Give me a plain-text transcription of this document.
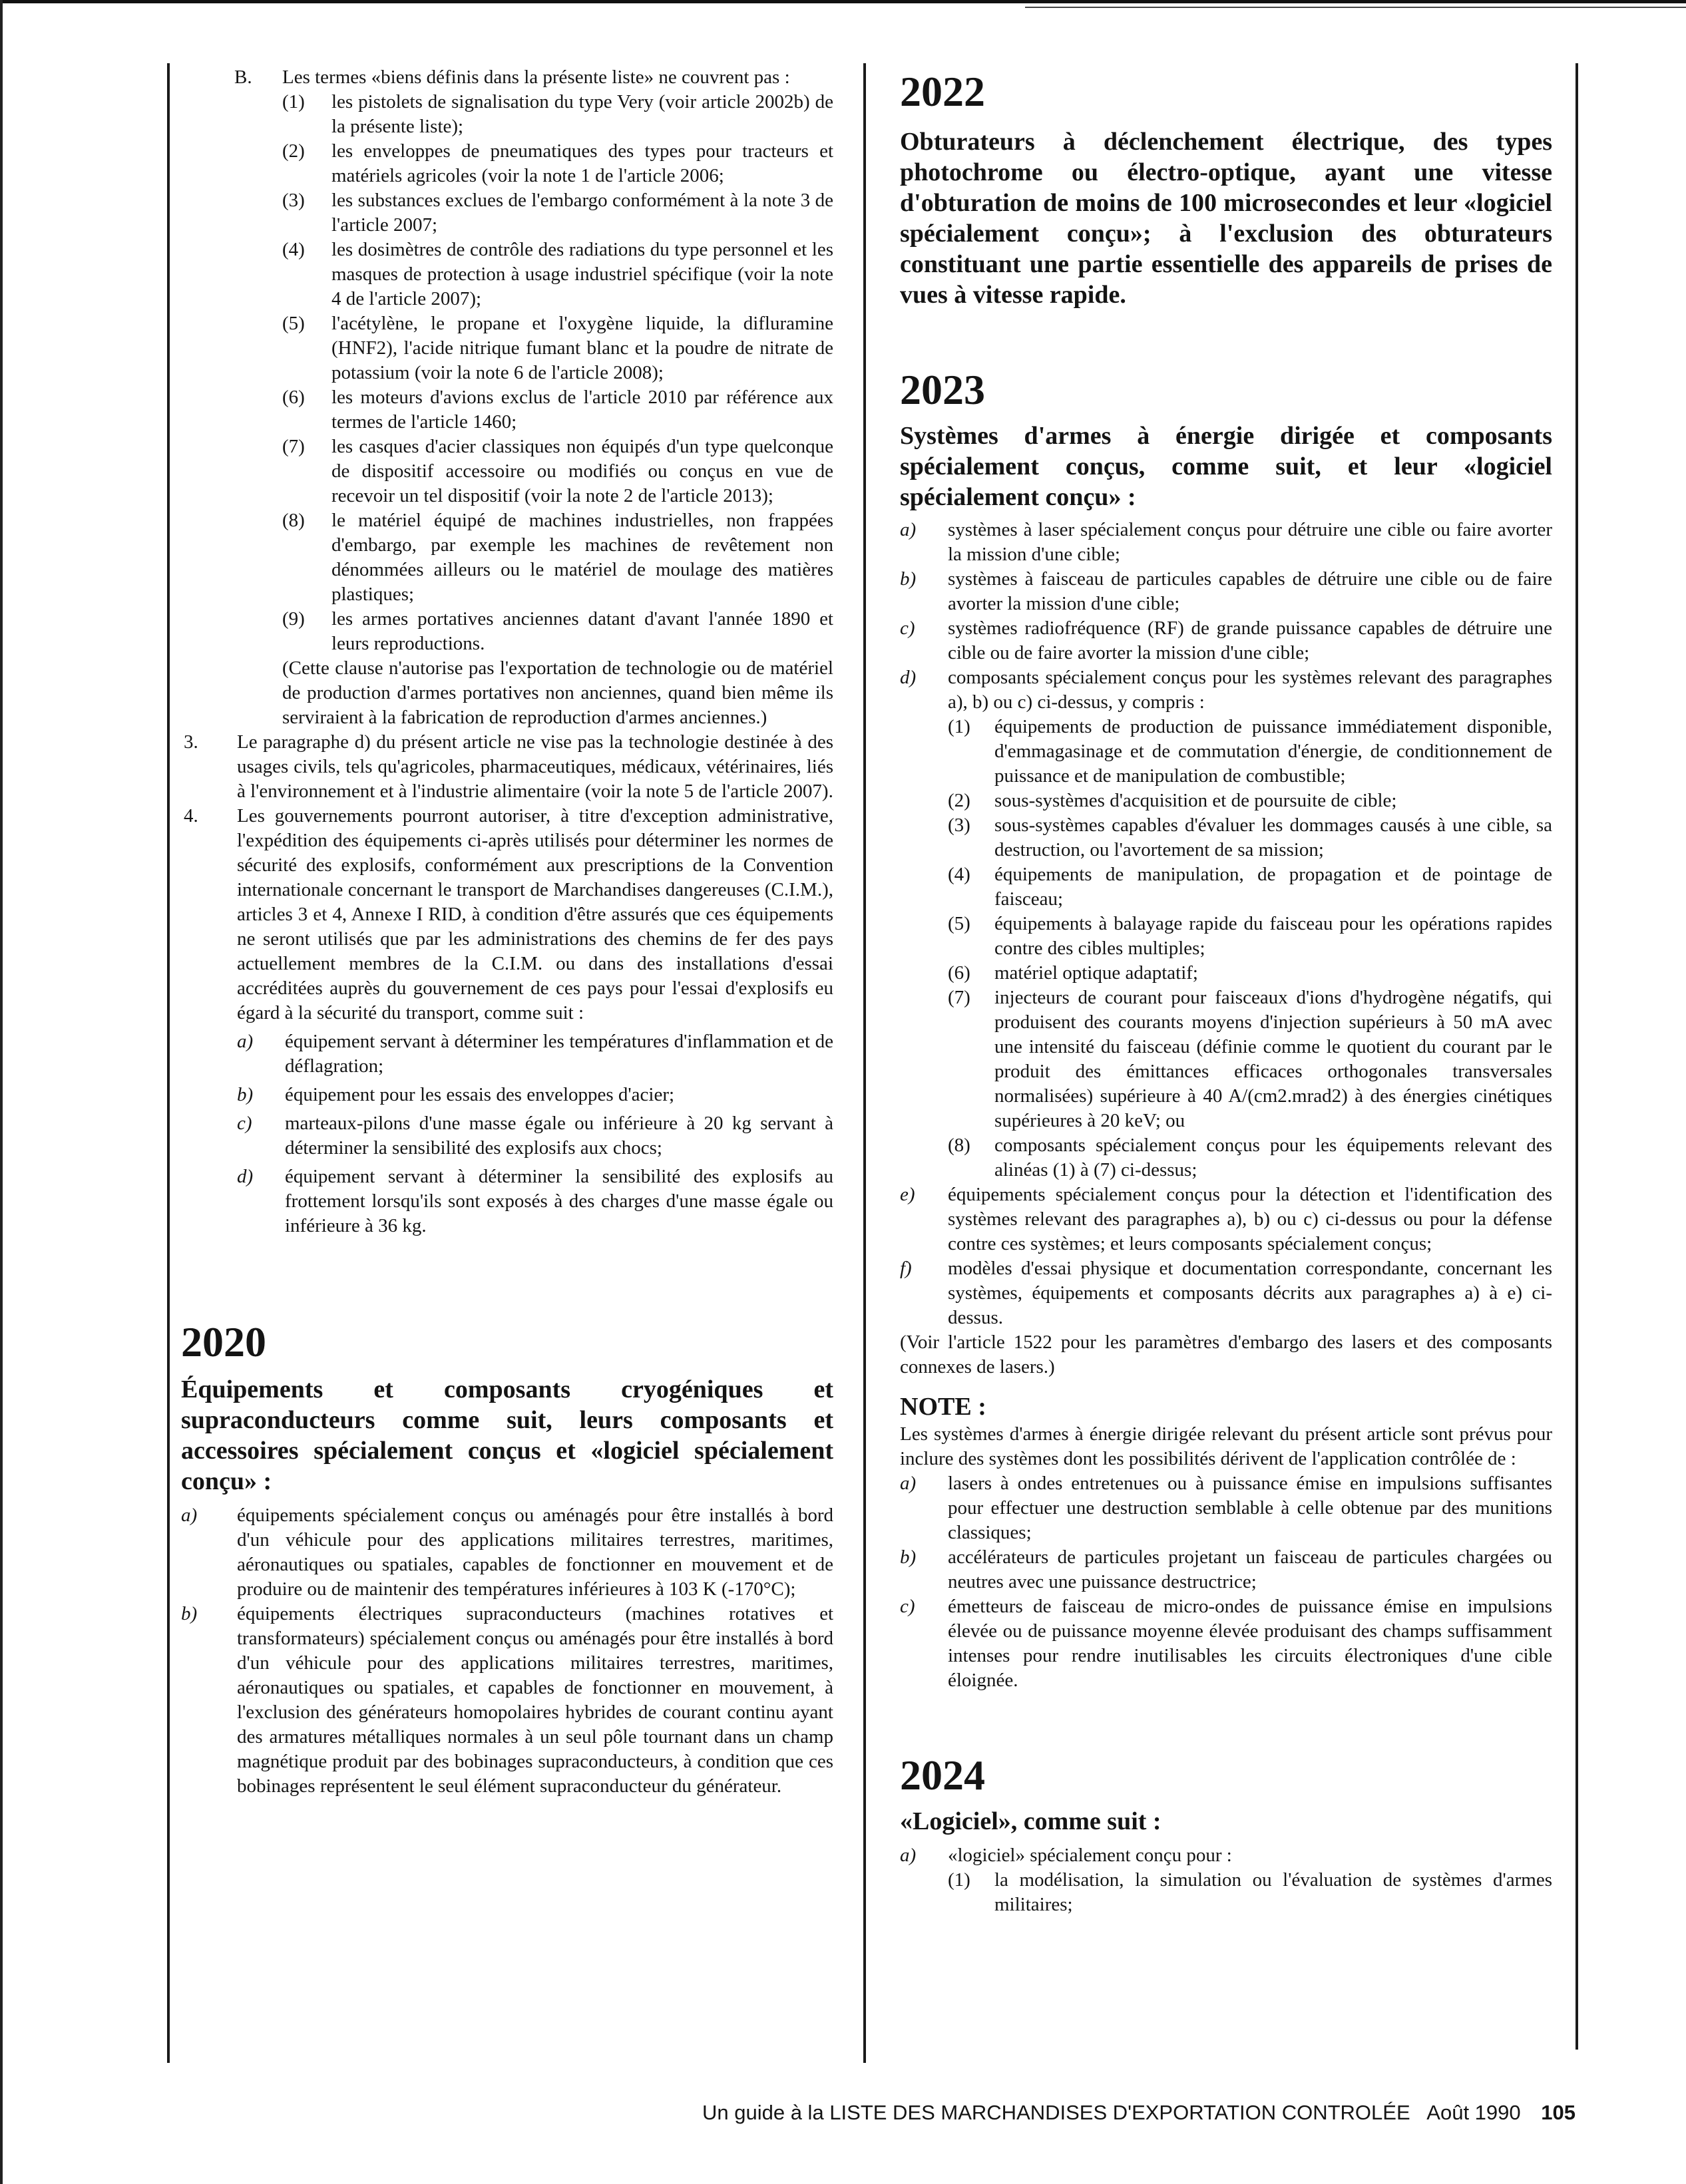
B.	Les termes «biens définis dans la présente liste» ne couvrent pas :
(1)	les pistolets de signalisation du type Very (voir article 2002b) de la présente liste);
(2)	les enveloppes de pneumatiques des types pour tracteurs et matériels agricoles (voir la note 1 de l'article 2006;
(3)	les substances exclues de l'embargo conformément à la note 3 de l'article 2007;
(4)	les dosimètres de contrôle des radiations du type personnel et les masques de protection à usage industriel spécifique (voir la note 4 de l'article 2007);
(5)	l'acétylène, le propane et l'oxygène liquide, la difluramine (HNF2), l'acide nitrique fumant blanc et la poudre de nitrate de potassium (voir la note 6 de l'article 2008);
(6)	les moteurs d'avions exclus de l'article 2010 par référence aux termes de l'article 1460;
(7)	les casques d'acier classiques non équipés d'un type quelconque de dispositif accessoire ou modifiés ou conçus en vue de recevoir un tel dispositif (voir la note 2 de l'article 2013);
(8)	le matériel équipé de machines industrielles, non frappées d'embargo, par exemple les machines de revêtement non dénommées ailleurs ou le matériel de moulage des matières plastiques;
(9)	les armes portatives anciennes datant d'avant l'année 1890 et leurs reproductions.

(Cette clause n'autorise pas l'exportation de technologie ou de matériel de production d'armes portatives non anciennes, quand bien même ils serviraient à la fabrication de reproduction d'armes anciennes.)

3.	Le paragraphe d) du présent article ne vise pas la technologie destinée à des usages civils, tels qu'agricoles, pharmaceutiques, médicaux, vétérinaires, liés à l'environnement et à l'industrie alimentaire (voir la note 5 de l'article 2007).
4.	Les gouvernements pourront autoriser, à titre d'exception administrative, l'expédition des équipements ci-après utilisés pour déterminer les normes de sécurité des explosifs, conformément aux prescriptions de la Convention internationale concernant le transport de Marchandises dangereuses (C.I.M.), articles 3 et 4, Annexe I RID, à condition d'être assurés que ces équipements ne seront utilisés que par les administrations des chemins de fer des pays actuellement membres de la C.I.M. ou dans des installations d'essai accréditées auprès du gouvernement de ces pays pour l'essai d'explosifs eu égard à la sécurité du transport, comme suit :
a)	équipement servant à déterminer les températures d'inflammation et de déflagration;
b)	équipement pour les essais des enveloppes d'acier;
c)	marteaux-pilons d'une masse égale ou inférieure à 20 kg servant à déterminer la sensibilité des explosifs aux chocs;
d)	équipement servant à déterminer la sensibilité des explosifs au frottement lorsqu'ils sont exposés à des charges d'une masse égale ou inférieure à 36 kg.
2020
Équipements et composants cryogéniques et supraconducteurs comme suit, leurs composants et accessoires spécialement conçus et «logiciel spécialement conçu» :
a)	équipements spécialement conçus ou aménagés pour être installés à bord d'un véhicule pour des applications militaires terrestres, maritimes, aéronautiques ou spatiales, capables de fonctionner en mouvement et de produire ou de maintenir des températures inférieures à 103 K (-170°C);
b)	équipements électriques supraconducteurs (machines rotatives et transformateurs) spécialement conçus ou aménagés pour être installés à bord d'un véhicule pour des applications militaires terrestres, maritimes, aéronautiques ou spatiales, et capables de fonctionner en mouvement, à l'exclusion des générateurs homopolaires hybrides de courant continu ayant des armatures métalliques normales à un seul pôle tournant dans un champ magnétique produit par des bobinages supraconducteurs, à condition que ces bobinages représentent le seul élément supraconducteur du générateur.
2022
Obturateurs à déclenchement électrique, des types photochrome ou électro-optique, ayant une vitesse d'obturation de moins de 100 microsecondes et leur «logiciel spécialement conçu»; à l'exclusion des obturateurs constituant une partie essentielle des appareils de prises de vues à vitesse rapide.
2023
Systèmes d'armes à énergie dirigée et composants spécialement conçus, comme suit, et leur «logiciel spécialement conçu» :
a)	systèmes à laser spécialement conçus pour détruire une cible ou faire avorter la mission d'une cible;
b)	systèmes à faisceau de particules capables de détruire une cible ou de faire avorter la mission d'une cible;
c)	systèmes radiofréquence (RF) de grande puissance capables de détruire une cible ou de faire avorter la mission d'une cible;
d)	composants spécialement conçus pour les systèmes relevant des paragraphes a), b) ou c) ci-dessus, y compris :
(1)	équipements de production de puissance immédiatement disponible, d'emmagasinage et de commutation d'énergie, de conditionnement de puissance et de manipulation de combustible;
(2)	sous-systèmes d'acquisition et de poursuite de cible;
(3)	sous-systèmes capables d'évaluer les dommages causés à une cible, sa destruction, ou l'avortement de sa mission;
(4)	équipements de manipulation, de propagation et de pointage de faisceau;
(5)	équipements à balayage rapide du faisceau pour les opérations rapides contre des cibles multiples;
(6)	matériel optique adaptatif;
(7)	injecteurs de courant pour faisceaux d'ions d'hydrogène négatifs, qui produisent des courants moyens d'injection supérieurs à 50 mA avec une intensité du faisceau (définie comme le quotient du courant par le produit des émittances efficaces orthogonales transversales normalisées) supérieure à 40 A/(cm2.mrad2) à des énergies cinétiques supérieures à 20 keV; ou
(8)	composants spécialement conçus pour les équipements relevant des alinéas (1) à (7) ci-dessus;
e)	équipements spécialement conçus pour la détection et l'identification des systèmes relevant des paragraphes a), b) ou c) ci-dessus ou pour la défense contre ces systèmes; et leurs composants spécialement conçus;
f)	modèles d'essai physique et documentation correspondante, concernant les systèmes, équipements et composants décrits aux paragraphes a) à e) ci-dessus.

(Voir l'article 1522 pour les paramètres d'embargo des lasers et des composants connexes de lasers.)

NOTE :

Les systèmes d'armes à énergie dirigée relevant du présent article sont prévus pour inclure des systèmes dont les possibilités dérivent de l'application contrôlée de :

a)	lasers à ondes entretenues ou à puissance émise en impulsions suffisantes pour effectuer une destruction semblable à celle obtenue par des munitions classiques;
b)	accélérateurs de particules projetant un faisceau de particules chargées ou neutres avec une puissance destructrice;
c)	émetteurs de faisceau de micro-ondes de puissance émise en impulsions élevée ou de puissance moyenne élevée produisant des champs suffisamment intenses pour rendre inutilisables les circuits électroniques d'une cible éloignée.
2024
«Logiciel», comme suit :
a)	«logiciel» spécialement conçu pour :
(1)	la modélisation, la simulation ou l'évaluation de systèmes d'armes militaires;
Un guide à la LISTE DES MARCHANDISES D'EXPORTATION CONTROLÉE Août 1990 105
